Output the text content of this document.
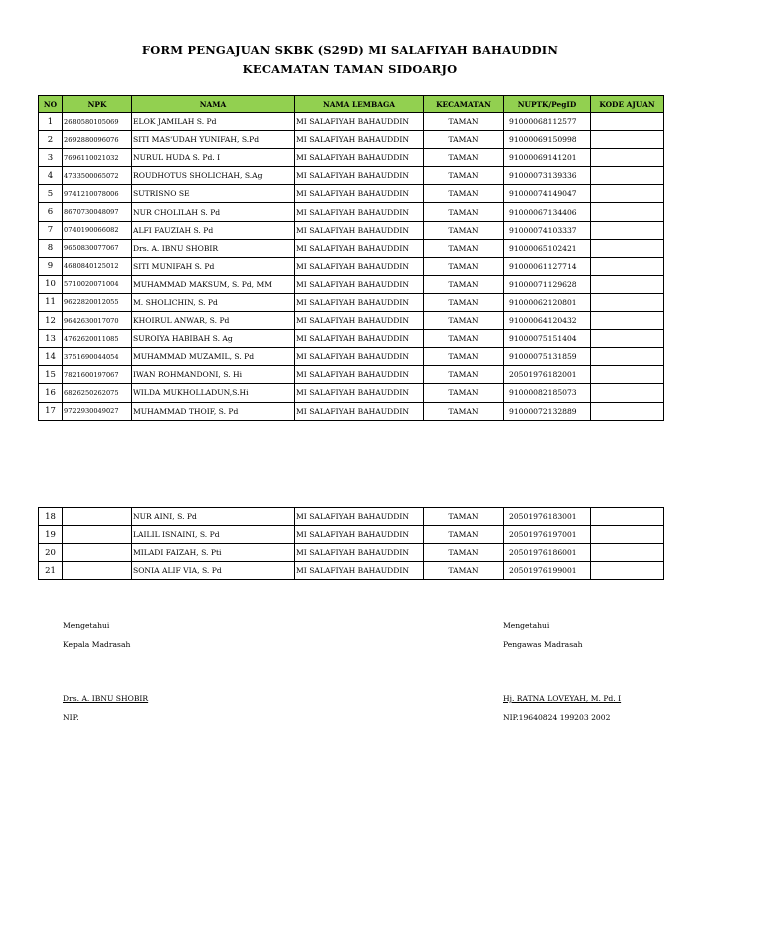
FORM PENGAJUAN SKBK (S29D) MI SALAFIYAH BAHAUDDIN
KECAMATAN TAMAN SIDOARJO
NO	NPK	NAMA	NAMA LEMBAGA	KECAMATAN	NUPTK/PegID	KODE AJUAN
1	2680580105069	ELOK JAMILAH S. Pd	MI SALAFIYAH BAHAUDDIN	TAMAN	91000068112577	
2	2692880096076	SITI MAS'UDAH YUNIFAH, S.Pd	MI SALAFIYAH BAHAUDDIN	TAMAN	91000069150998	
3	7696110021032	NURUL HUDA S. Pd. I	MI SALAFIYAH BAHAUDDIN	TAMAN	91000069141201	
4	4733500065072	ROUDHOTUS SHOLICHAH, S.Ag	MI SALAFIYAH BAHAUDDIN	TAMAN	91000073139336	
5	9741210078006	SUTRISNO SE	MI SALAFIYAH BAHAUDDIN	TAMAN	91000074149047	
6	8670730048097	NUR CHOLILAH S. Pd	MI SALAFIYAH BAHAUDDIN	TAMAN	91000067134406	
7	0740190066082	ALFI FAUZIAH S. Pd	MI SALAFIYAH BAHAUDDIN	TAMAN	91000074103337	
8	9650830077067	Drs. A. IBNU SHOBIR	MI SALAFIYAH BAHAUDDIN	TAMAN	91000065102421	
9	4680840125012	SITI MUNIFAH S. Pd	MI SALAFIYAH BAHAUDDIN	TAMAN	91000061127714	
10	5710020071004	MUHAMMAD MAKSUM, S. Pd, MM	MI SALAFIYAH BAHAUDDIN	TAMAN	91000071129628	
11	9622820012055	M. SHOLICHIN, S. Pd	MI SALAFIYAH BAHAUDDIN	TAMAN	91000062120801	
12	9642630017070	KHOIRUL ANWAR, S. Pd	MI SALAFIYAH BAHAUDDIN	TAMAN	91000064120432	
13	4762620011085	SUROIYA HABIBAH S. Ag	MI SALAFIYAH BAHAUDDIN	TAMAN	91000075151404	
14	3751690044054	MUHAMMAD MUZAMIL, S. Pd	MI SALAFIYAH BAHAUDDIN	TAMAN	91000075131859	
15	7821600197067	IWAN ROHMANDONI, S. Hi	MI SALAFIYAH BAHAUDDIN	TAMAN	20501976182001	
16	6826250262075	WILDA MUKHOLLADUN,S.Hi	MI SALAFIYAH BAHAUDDIN	TAMAN	91000082185073	
17	9722930049027	MUHAMMAD THOIF, S. Pd	MI SALAFIYAH BAHAUDDIN	TAMAN	91000072132889	
18		NUR AINI, S. Pd	MI SALAFIYAH BAHAUDDIN	TAMAN	20501976183001	
19		LAILIL ISNAINI, S. Pd	MI SALAFIYAH BAHAUDDIN	TAMAN	20501976197001	
20		MILADI FAIZAH, S. Pti	MI SALAFIYAH BAHAUDDIN	TAMAN	20501976186001	
21		SONIA ALIF VIA, S. Pd	MI SALAFIYAH BAHAUDDIN	TAMAN	20501976199001	
Mengetahui
Kepala Madrasah
Drs. A. IBNU SHOBIR
NIP.
Mengetahui
Pengawas Madrasah
Hj. RATNA LOVEYAH, M. Pd. I
NIP.19640824 199203 2002
